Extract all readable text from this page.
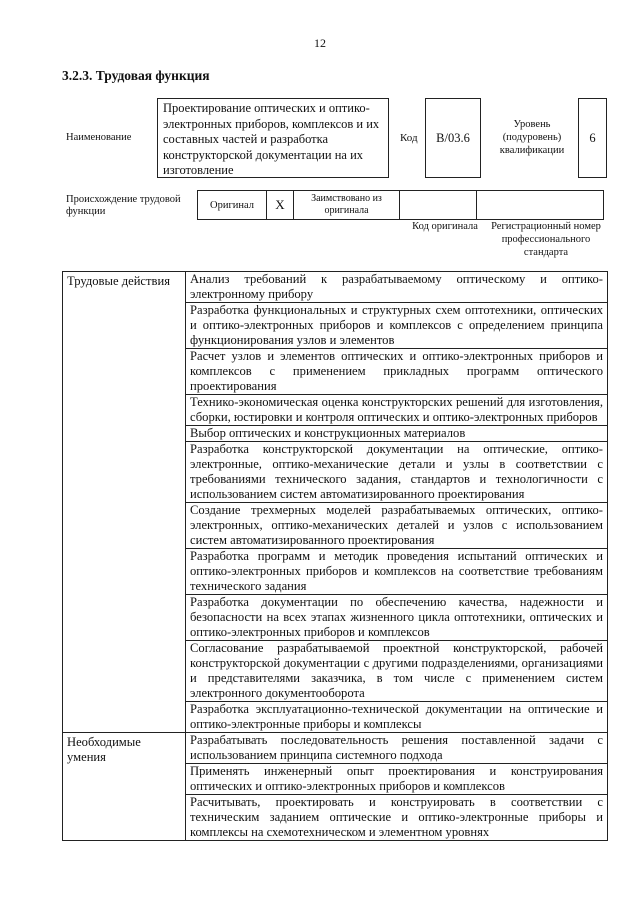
12
3.2.3. Трудовая функция
Наименование
Проектирование оптических и оптико-электронных приборов, комплексов и их составных частей и разработка конструкторской документации на их изготовление
Код	B/03.6
Уровень (подуровень) квалификации
6
Происхождение трудовой функции
Оригинал	X	Заимствовано из оригинала
Код оригинала	Регистрационный номер профессионального стандарта
Трудовые действия	Анализ требований к разрабатываемому оптическому и оптико-электронному прибору
	Разработка функциональных и структурных схем оптотехники, оптических и оптико-электронных приборов и комплексов с определением принципа функционирования узлов и элементов
	Расчет узлов и элементов оптических и оптико-электронных приборов и комплексов с применением прикладных программ оптического проектирования
	Технико-экономическая оценка конструкторских решений для изготовления, сборки, юстировки и контроля оптических и оптико-электронных приборов
	Выбор оптических и конструкционных материалов
	Разработка конструкторской документации на оптические, оптико-электронные, оптико-механические детали и узлы в соответствии с требованиями технического задания, стандартов и технологичности с использованием систем автоматизированного проектирования
	Создание трехмерных моделей разрабатываемых оптических, оптико-электронных, оптико-механических деталей и узлов с использованием систем автоматизированного проектирования
	Разработка программ и методик проведения испытаний оптических и оптико-электронных приборов и комплексов на соответствие требованиям технического задания
	Разработка документации по обеспечению качества, надежности и безопасности на всех этапах жизненного цикла оптотехники, оптических и оптико-электронных приборов и комплексов
	Согласование разрабатываемой проектной конструкторской, рабочей конструкторской документации с другими подразделениями, организациями и представителями заказчика, в том числе с применением систем электронного документооборота
	Разработка эксплуатационно-технической документации на оптические и оптико-электронные приборы и комплексы
Необходимые умения	Разрабатывать последовательность решения поставленной задачи с использованием принципа системного подхода
	Применять инженерный опыт проектирования и конструирования оптических и оптико-электронных приборов и комплексов
	Расчитывать, проектировать и конструировать в соответствии с техническим заданием оптические и оптико-электронные приборы и комплексы на схемотехническом и элементном уровнях
